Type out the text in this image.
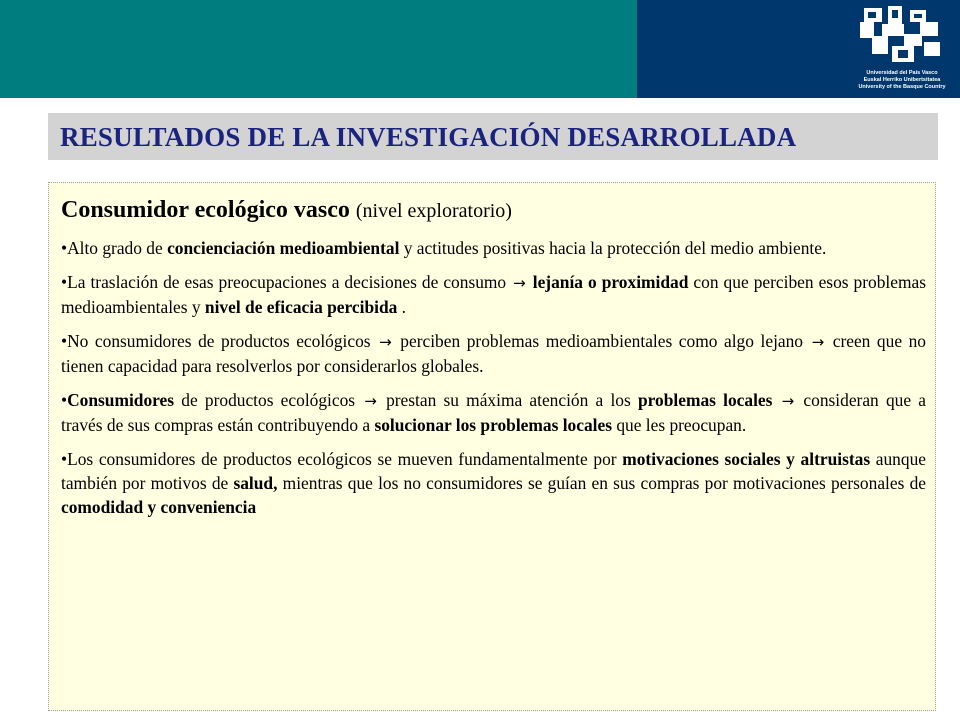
Universidad del País Vasco
Euskal Herriko Unibertsitatea
University of the Basque Country
RESULTADOS DE LA INVESTIGACIÓN DESARROLLADA
Consumidor ecológico vasco (nivel exploratorio)

•Alto grado de concienciación medioambiental y actitudes positivas hacia la protección del medio ambiente.

•La traslación de esas preocupaciones a decisiones de consumo → lejanía o proximidad con que perciben esos problemas medioambientales y nivel de eficacia percibida .

•No consumidores de productos ecológicos → perciben problemas medioambientales como algo lejano → creen que no tienen capacidad para resolverlos por considerarlos globales.

•Consumidores de productos ecológicos → prestan su máxima atención a los problemas locales → consideran que a través de sus compras están contribuyendo a solucionar los problemas locales que les preocupan.

•Los consumidores de productos ecológicos se mueven fundamentalmente por motivaciones sociales y altruistas aunque también por motivos de salud, mientras que los no consumidores se guían en sus compras por motivaciones personales de comodidad y conveniencia
